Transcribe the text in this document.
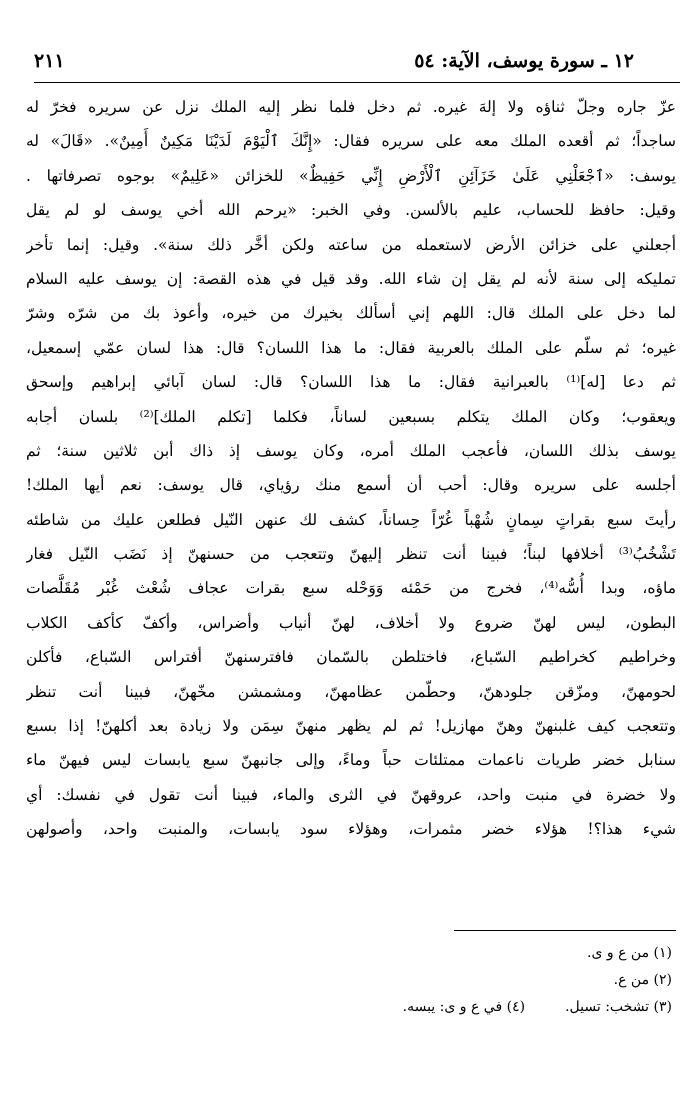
١٢ ـ سورة يوسف، الآية: ٥٤
٢١١
عزّ جاره وجلّ ثناؤه ولا إلهَ غيره. ثم دخل فلما نظر إليه الملك نزل عن سريره فخرّ له
ساجداً؛ ثم أقعده الملك معه على سريره فقال: «إِنَّكَ ٱلْيَوْمَ لَدَيْنَا مَكِينٌ أَمِينٌ». «قَالَ» له
يوسف: «ٱجْعَلْنِي عَلَىٰ خَزَآئِنِ ٱلْأَرْضِ إِنِّي حَفِيظٌ» للخزائن «عَلِيمٌ» بوجوه تصرفاتها .
وقيل: حافظ للحساب، عليم بالألسن. وفي الخبر: «يرحم الله أخي يوسف لو لم يقل
أجعلني على خزائن الأرض لاستعمله من ساعته ولكن أخَّر ذلك سنة». وقيل: إنما تأخر
تمليكه إلى سنة لأنه لم يقل إن شاء الله. وقد قيل في هذه القصة: إن يوسف عليه السلام
لما دخل على الملك قال: اللهم إني أسألك بخيرك من خيره، وأعوذ بك من شرّه وشرّ
غيره؛ ثم سلّم على الملك بالعربية فقال: ما هذا اللسان؟ قال: هذا لسان عمّي إسمعيل،
ثم دعا [له]⁽¹⁾ بالعبرانية فقال: ما هذا اللسان؟ قال: لسان آبائي إبراهيم وإسحق
ويعقوب؛ وكان الملك يتكلم بسبعين لساناً، فكلما [تكلم الملك]⁽²⁾ بلسان أجابه
يوسف بذلك اللسان، فأعجب الملك أمره، وكان يوسف إذ ذاك أبن ثلاثين سنة؛ ثم
أجلسه على سريره وقال: أحب أن أسمع منك رؤياي، قال يوسف: نعم أيها الملك!
رأيتَ سبع بقراتٍ سِمانٍ شُهْباً غُرّاً حِساناً، كشف لك عنهن النّيل فطلعن عليك من شاطئه
تَشْخُبُ⁽³⁾ أخلافها لبناً؛ فبينا أنت تنظر إليهنّ وتتعجب من حسنهنّ إذ نَضَب النّيل فغار
ماؤه، وبدا أُسُّه⁽⁴⁾، فخرج من حَمْئه وَوَحْله سبع بقرات عجاف شُعْث غُبْر مُقَلَّصات
البطون، ليس لهنّ ضروع ولا أخلاف، لهنّ أنياب وأضراس، وأكفّ كأكف الكلاب
وخراطيم كخراطيم السّباع، فاختلطن بالسّمان فافترسنهنّ أفتراس السّباع، فأكلن
لحومهنّ، ومزّقن جلودهنّ، وحطّمن عظامهنّ، ومشمشن مخّهنّ، فبينا أنت تنظر
وتتعجب كيف غلبنهنّ وهنّ مهازيل! ثم لم يظهر منهنّ سِمَن ولا زيادة بعد أكلهنّ! إذا بسبع
سنابل خضر طريات ناعمات ممتلئات حباً وماءً، وإلى جانبهنّ سبع يابسات ليس فيهنّ ماء
ولا خضرة في منبت واحد، عروقهنّ في الثرى والماء، فبينا أنت تقول في نفسك: أي
شيء هذا؟! هؤلاء خضر مثمرات، وهؤلاء سود يابسات، والمنبت واحد، وأصولهن
(١) من ع و ى.
(٢) من ع.
(٣) تشخب: تسيل.(٤) في ع و ى: يبسه.
